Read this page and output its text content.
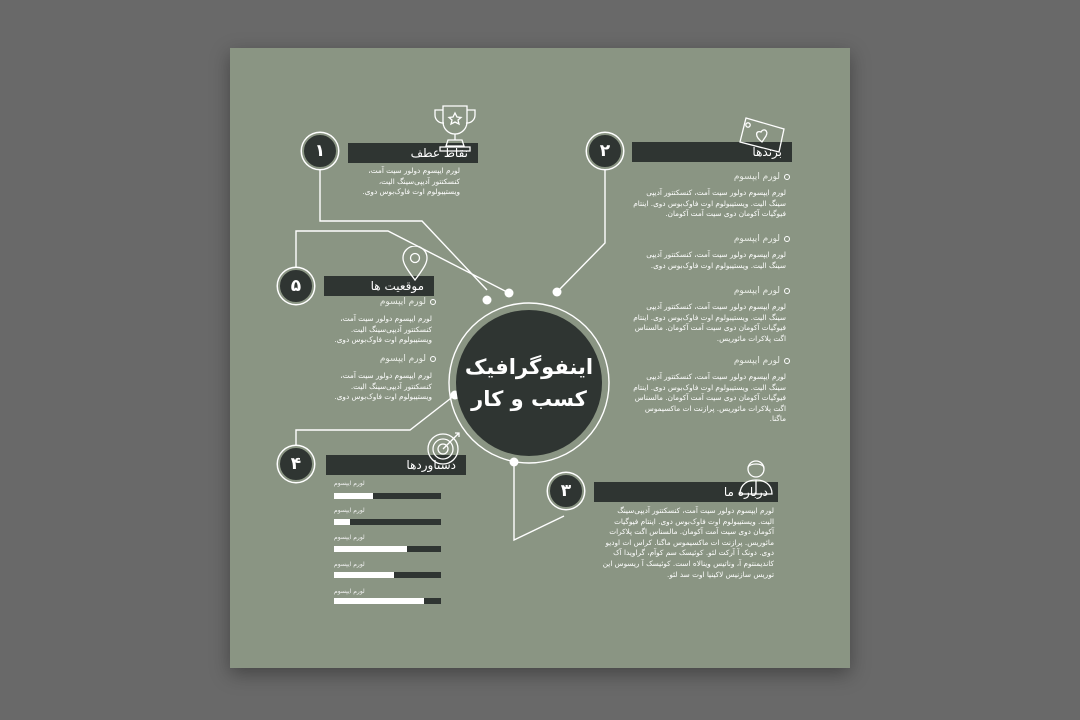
اینفوگرافیک
کسب و کار
۱	نقاط عطف
لورم ایپسوم دولور سیت آمت، کنسکتتور آدیپی‌سینگ الیت، ویستیبولوم اوت فاوک‌بوس دوی.
۲	برندها
لورم ایپسوم
لورم ایپسوم دولور سیت آمت، کنسکتتور آدیپی سینگ الیت. ویستیبولوم اوت فاوک‌بوس دوی. اینتام فیوگیات آکومان دوی سیت آمت آکومان.
لورم ایپسوم
لورم ایپسوم دولور سیت آمت، کنسکتتور آدیپی سینگ الیت. ویستیبولوم اوت فاوک‌بوس دوی.
لورم ایپسوم
لورم ایپسوم دولور سیت آمت، کنسکتتور آدیپی سینگ الیت. ویستیبولوم اوت فاوک‌بوس دوی. اینتام فیوگیات آکومان دوی سیت آمت آکومان. مالسناس اگت پلاکرات مائوریس.
لورم ایپسوم
لورم ایپسوم دولور سیت آمت، کنسکتتور آدیپی سینگ الیت. ویستیبولوم اوت فاوک‌بوس دوی. اینتام فیوگیات آکومان دوی سیت آمت آکومان. مالسناس اگت پلاکرات مائوریس. پرازنت ات ماکسیموس ماگنا.
۵	موقعیت ها
لورم ایپسوم
لورم ایپسوم دولور سیت آمت، کنسکتتور آدیپی‌سینگ الیت. ویستیبولوم اوت فاوک‌بوس دوی.
لورم ایپسوم
لورم ایپسوم دولور سیت آمت، کنسکتتور آدیپی‌سینگ الیت. ویستیبولوم اوت فاوک‌بوس دوی.
۴	دستاوردها
لورم ایپسوم
لورم ایپسوم
لورم ایپسوم
لورم ایپسوم
لورم ایپسوم
۳	درباره ما
لورم ایپسوم دولور سیت آمت، کنسکتتور آدیپی‌سینگ الیت. ویستیبولوم اوت فاوک‌بوس دوی. اینتام فیوگیات آکومان دوی سیت آمت آکومان. مالسناس اگت پلاکرات مائوریس. پرازنت ات ماکسیموس ماگنا. کراس ات اودیو دوی. دونک آ آرکت لئو. کوئیسک سم کوآم، گراویدا آک کاندیمنتوم آ، وناتیس وینالاه است. کوئیسک آ ریسوس این توریس سازنیس لاکینیا اوت سد لئو.
